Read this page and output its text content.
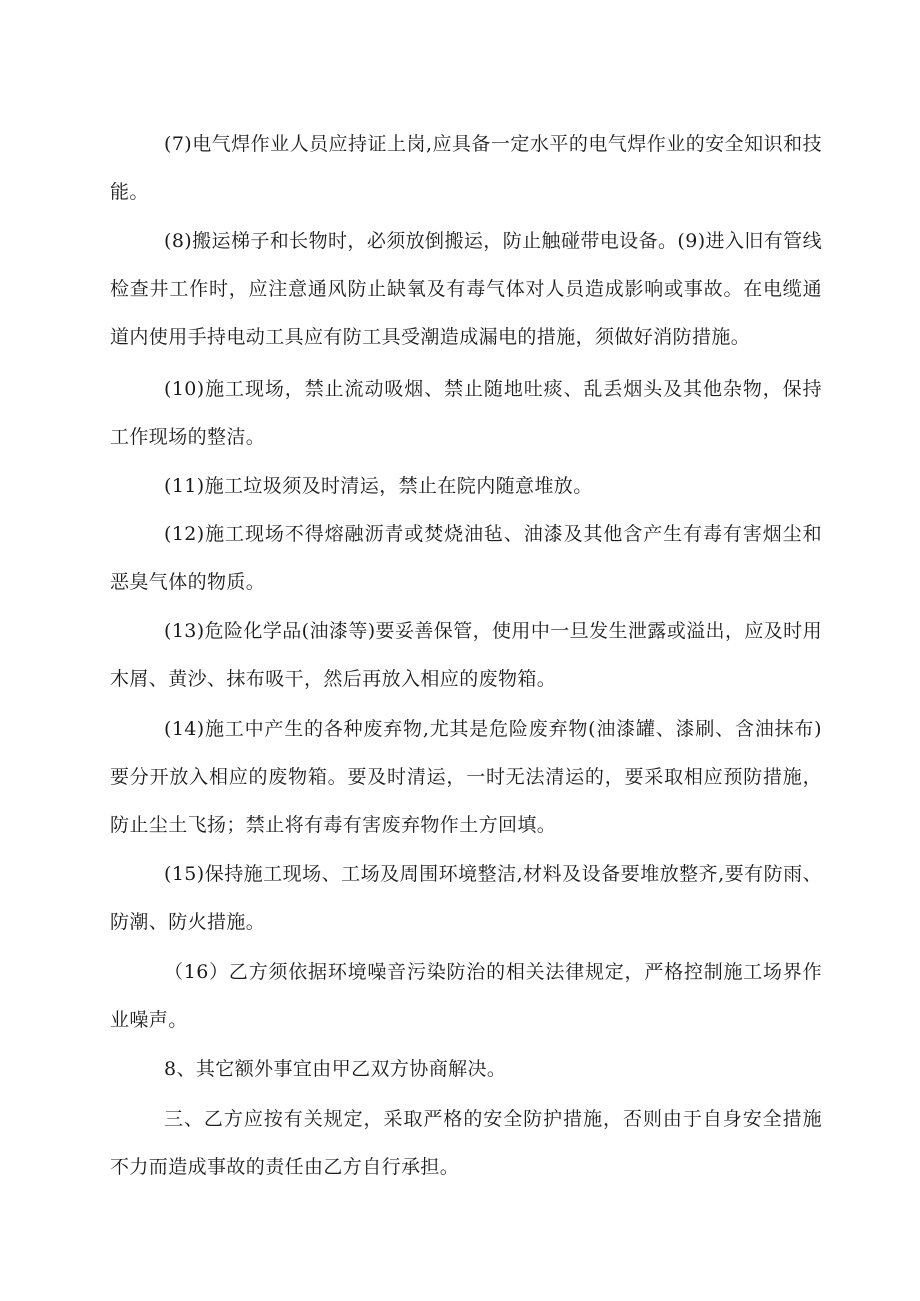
(7)电气焊作业人员应持证上岗,应具备一定水平的电气焊作业的安全知识和技能。

(8)搬运梯子和长物时，必须放倒搬运，防止触碰带电设备。(9)进入旧有管线检查井工作时，应注意通风防止缺氧及有毒气体对人员造成影响或事故。在电缆通道内使用手持电动工具应有防工具受潮造成漏电的措施，须做好消防措施。

(10)施工现场，禁止流动吸烟、禁止随地吐痰、乱丢烟头及其他杂物，保持工作现场的整洁。

(11)施工垃圾须及时清运，禁止在院内随意堆放。

(12)施工现场不得熔融沥青或焚烧油毡、油漆及其他含产生有毒有害烟尘和恶臭气体的物质。

(13)危险化学品(油漆等)要妥善保管，使用中一旦发生泄露或溢出，应及时用木屑、黄沙、抹布吸干，然后再放入相应的废物箱。

(14)施工中产生的各种废弃物,尤其是危险废弃物(油漆罐、漆刷、含油抹布)要分开放入相应的废物箱。要及时清运，一时无法清运的，要采取相应预防措施，防止尘土飞扬；禁止将有毒有害废弃物作土方回填。

(15)保持施工现场、工场及周围环境整洁,材料及设备要堆放整齐,要有防雨、防潮、防火措施。

（16）乙方须依据环境噪音污染防治的相关法律规定，严格控制施工场界作业噪声。

8、其它额外事宜由甲乙双方协商解决。

三、乙方应按有关规定，采取严格的安全防护措施，否则由于自身安全措施不力而造成事故的责任由乙方自行承担。
